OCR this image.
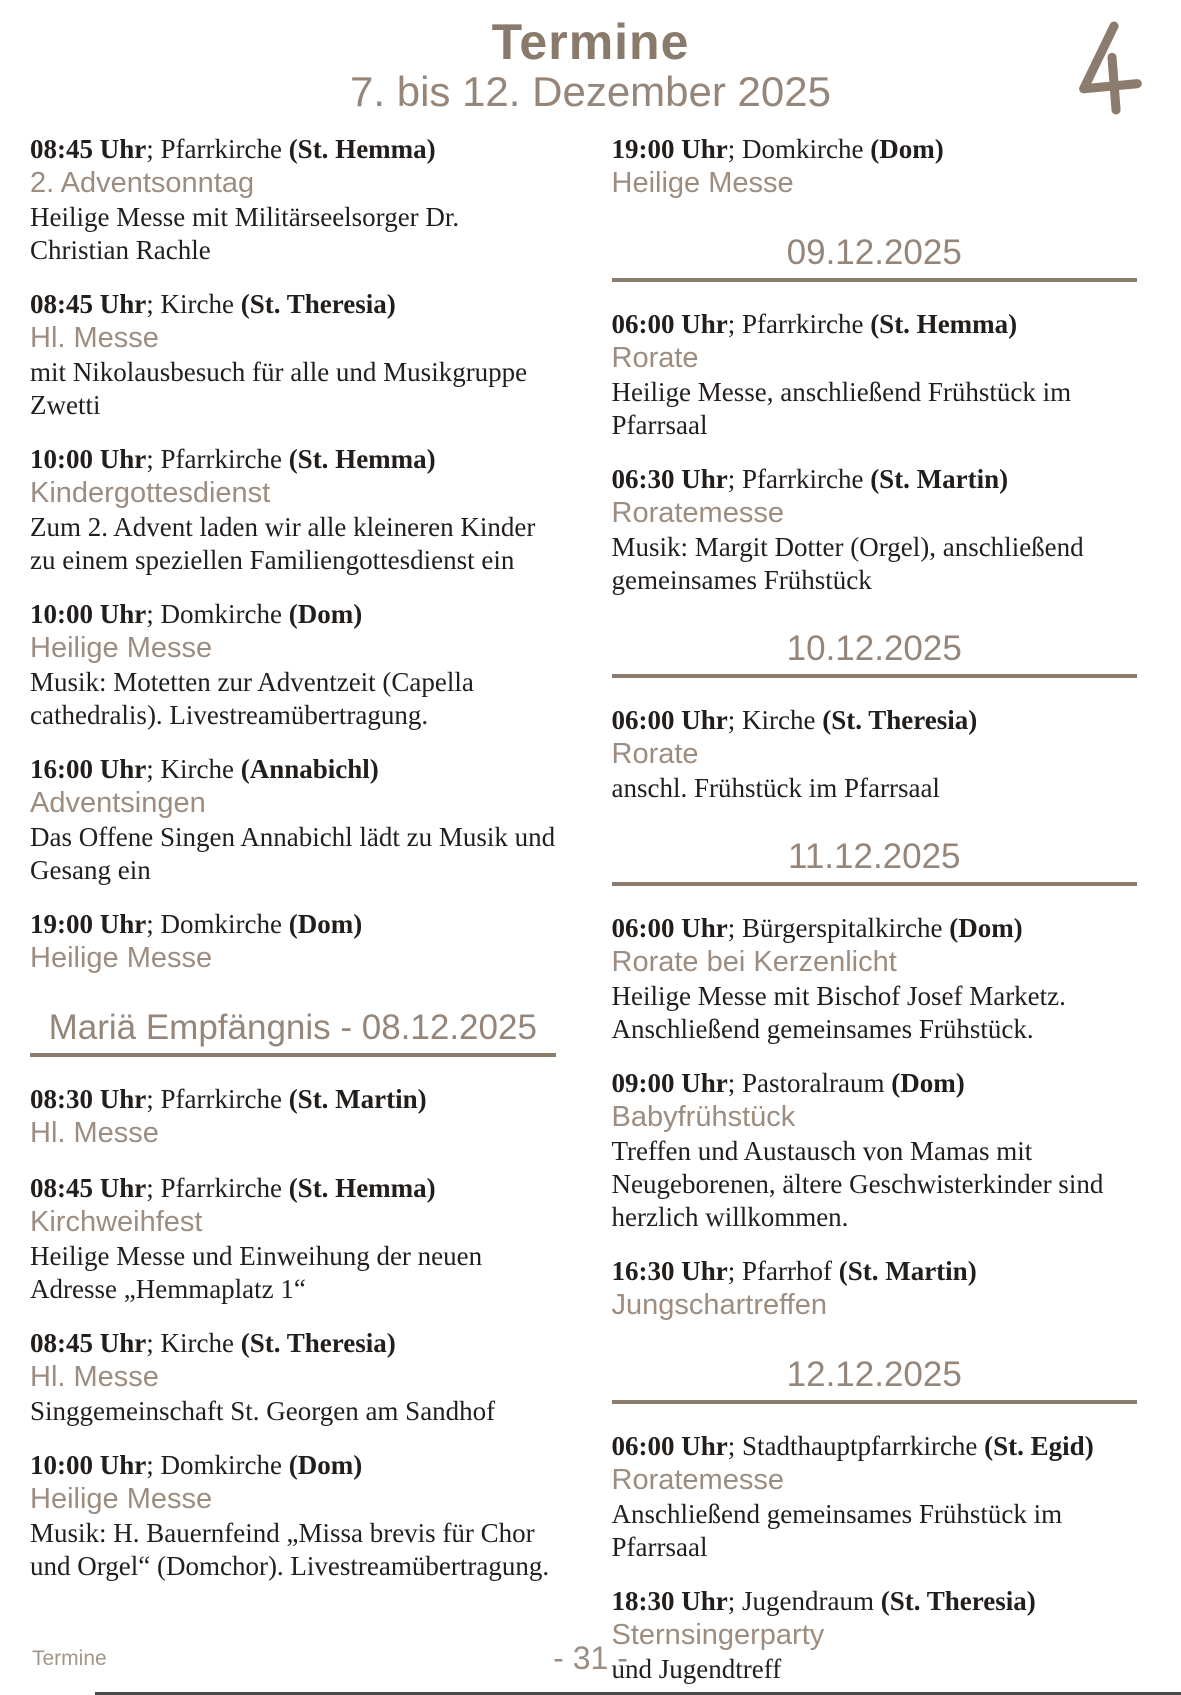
Termine
7. bis 12. Dezember 2025
08:45 Uhr; Pfarrkirche (St. Hemma)
2. Adventsonntag
Heilige Messe mit Militärseelsorger Dr. Christian Rachle
08:45 Uhr; Kirche (St. Theresia)
Hl. Messe
mit Nikolausbesuch für alle und Musikgruppe Zwetti
10:00 Uhr; Pfarrkirche (St. Hemma)
Kindergottesdienst
Zum 2. Advent laden wir alle kleineren Kinder zu einem speziellen Familiengottesdienst ein
10:00 Uhr; Domkirche (Dom)
Heilige Messe
Musik: Motetten zur Adventzeit (Capella cathedralis). Livestreamübertragung.
16:00 Uhr; Kirche (Annabichl)
Adventsingen
Das Offene Singen Annabichl lädt zu Musik und Gesang ein
19:00 Uhr; Domkirche (Dom)
Heilige Messe
Mariä Empfängnis - 08.12.2025
08:30 Uhr; Pfarrkirche (St. Martin)
Hl. Messe
08:45 Uhr; Pfarrkirche (St. Hemma)
Kirchweihfest
Heilige Messe und Einweihung der neuen Adresse „Hemmaplatz 1“
08:45 Uhr; Kirche (St. Theresia)
Hl. Messe
Singgemeinschaft St. Georgen am Sandhof
10:00 Uhr; Domkirche (Dom)
Heilige Messe
Musik: H. Bauernfeind „Missa brevis für Chor und Orgel“ (Domchor). Livestreamübertragung.
19:00 Uhr; Domkirche (Dom)
Heilige Messe
09.12.2025
06:00 Uhr; Pfarrkirche (St. Hemma)
Rorate
Heilige Messe, anschließend Frühstück im Pfarrsaal
06:30 Uhr; Pfarrkirche (St. Martin)
Roratemesse
Musik: Margit Dotter (Orgel), anschließend gemeinsames Frühstück
10.12.2025
06:00 Uhr; Kirche (St. Theresia)
Rorate
anschl. Frühstück im Pfarrsaal
11.12.2025
06:00 Uhr; Bürgerspitalkirche (Dom)
Rorate bei Kerzenlicht
Heilige Messe mit Bischof Josef Marketz. Anschließend gemeinsames Frühstück.
09:00 Uhr; Pastoralraum (Dom)
Babyfrühstück
Treffen und Austausch von Mamas mit Neugeborenen, ältere Geschwisterkinder sind herzlich willkommen.
16:30 Uhr; Pfarrhof (St. Martin)
Jungschartreffen
12.12.2025
06:00 Uhr; Stadthauptpfarrkirche (St. Egid)
Roratemesse
Anschließend gemeinsames Frühstück im Pfarrsaal
18:30 Uhr; Jugendraum (St. Theresia)
Sternsingerparty
und Jugendtreff
Termine	- 31 -
